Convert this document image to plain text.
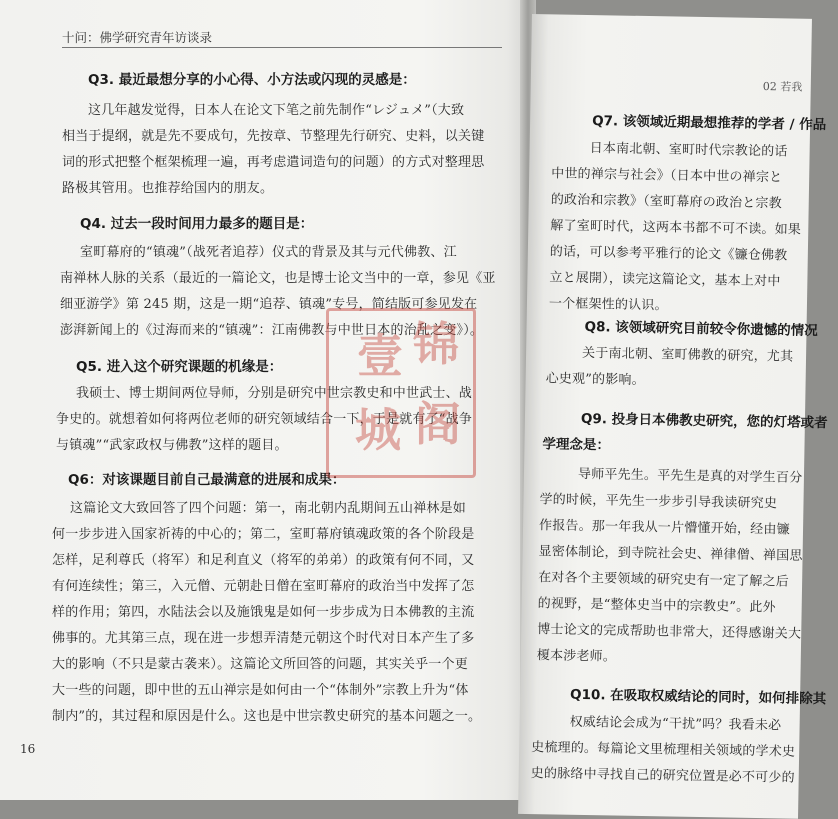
十问：佛学研究青年访谈录
Q3. 最近最想分享的小心得、小方法或闪现的灵感是：
这几年越发觉得，日本人在论文下笔之前先制作“レジュメ”（大致
相当于提纲，就是先不要成句，先按章、节整理先行研究、史料，以关键
词的形式把整个框架梳理一遍，再考虑遣词造句的问题）的方式对整理思
路极其管用。也推荐给国内的朋友。
Q4. 过去一段时间用力最多的题目是：
室町幕府的“镇魂”（战死者追荐）仪式的背景及其与元代佛教、江
南禅林人脉的关系（最近的一篇论文，也是博士论文当中的一章，参见《亚
细亚游学》第 245 期，这是一期“追荐、镇魂”专号，简结版可参见发在
澎湃新闻上的《过海而来的“镇魂”：江南佛教与中世日本的治乱之变》）。
Q5. 进入这个研究课题的机缘是：
我硕士、博士期间两位导师，分别是研究中世宗教史和中世武士、战
争史的。就想着如何将两位老师的研究领域结合一下，于是就有了“战争
与镇魂”“武家政权与佛教”这样的题目。
Q6：对该课题目前自己最满意的进展和成果：
这篇论文大致回答了四个问题：第一，南北朝内乱期间五山禅林是如
何一步步进入国家祈祷的中心的；第二，室町幕府镇魂政策的各个阶段是
怎样，足利尊氏（将军）和足利直义（将军的弟弟）的政策有何不同，又
有何连续性；第三，入元僧、元朝赴日僧在室町幕府的政治当中发挥了怎
样的作用；第四，水陆法会以及施饿鬼是如何一步步成为日本佛教的主流
佛事的。尤其第三点，现在进一步想弄清楚元朝这个时代对日本产生了多
大的影响（不只是蒙古袭来）。这篇论文所回答的问题，其实关乎一个更
大一些的问题，即中世的五山禅宗是如何由一个“体制外”宗教上升为“体
制内”的，其过程和原因是什么。这也是中世宗教史研究的基本问题之一。
16
02 若我
Q7. 该领域近期最想推荐的学者 / 作品
日本南北朝、室町时代宗教论的话
中世的禅宗与社会》（日本中世の禅宗と
的政治和宗教》（室町幕府の政治と宗教
解了室町时代，这两本书都不可不读。如果
的话，可以参考平雅行的论文《镰仓佛教
立と展開），读完这篇论文，基本上对中
一个框架性的认识。
Q8. 该领域研究目前较令你遗憾的情况
关于南北朝、室町佛教的研究，尤其
心史观”的影响。
Q9. 投身日本佛教史研究，您的灯塔或者
学理念是：
导师平先生。平先生是真的对学生百分
学的时候，平先生一步步引导我读研究史
作报告。那一年我从一片懵懂开始，经由镰
显密体制论，到寺院社会史、禅律僧、禅国思
在对各个主要领域的研究史有一定了解之后
的视野，是“整体史当中的宗教史”。此外
博士论文的完成帮助也非常大，还得感谢关大
榎本涉老师。
Q10. 在吸取权威结论的同时，如何排除其
权威结论会成为“干扰”吗？我看未必
史梳理的。每篇论文里梳理相关领域的学术史
史的脉络中寻找自己的研究位置是必不可少的
壹 锦
城 阁
